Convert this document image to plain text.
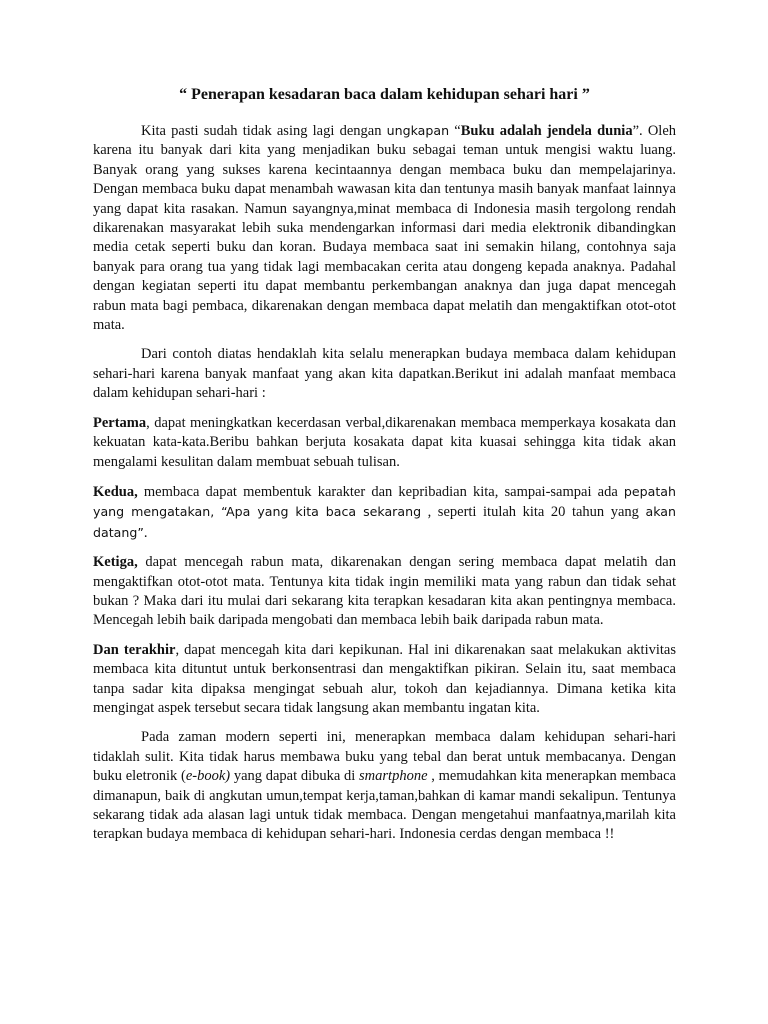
“ Penerapan kesadaran baca dalam kehidupan sehari hari ”

Kita pasti sudah tidak asing lagi dengan ungkapan “Buku adalah jendela dunia”. Oleh karena itu banyak dari kita yang menjadikan buku sebagai teman untuk mengisi waktu luang. Banyak orang yang sukses karena kecintaannya dengan membaca buku dan mempelajarinya. Dengan membaca buku dapat menambah wawasan kita dan tentunya masih banyak manfaat lainnya yang dapat kita rasakan. Namun sayangnya,minat membaca di Indonesia masih tergolong rendah dikarenakan masyarakat lebih suka mendengarkan informasi dari media elektronik dibandingkan media cetak seperti buku dan koran. Budaya membaca saat ini semakin hilang, contohnya saja banyak para orang tua yang tidak lagi membacakan cerita atau dongeng kepada anaknya. Padahal dengan kegiatan seperti itu dapat membantu perkembangan anaknya dan juga dapat mencegah rabun mata bagi pembaca, dikarenakan dengan membaca dapat melatih dan mengaktifkan otot-otot mata.

Dari contoh diatas hendaklah kita selalu menerapkan budaya membaca dalam kehidupan sehari-hari karena banyak manfaat yang akan kita dapatkan.Berikut ini adalah manfaat membaca dalam kehidupan sehari-hari :

Pertama, dapat meningkatkan kecerdasan verbal,dikarenakan membaca memperkaya kosakata dan kekuatan kata-kata.Beribu bahkan berjuta kosakata dapat kita kuasai sehingga kita tidak akan mengalami kesulitan dalam membuat sebuah tulisan.

Kedua, membaca dapat membentuk karakter dan kepribadian kita, sampai-sampai ada pepatah yang mengatakan, “Apa yang kita baca sekarang , seperti itulah kita 20 tahun yang akan datang”.

Ketiga, dapat mencegah rabun mata, dikarenakan dengan sering membaca dapat melatih dan mengaktifkan otot-otot mata. Tentunya kita tidak ingin memiliki mata yang rabun dan tidak sehat bukan ? Maka dari itu mulai dari sekarang kita terapkan kesadaran kita akan pentingnya membaca. Mencegah lebih baik daripada mengobati dan membaca lebih baik daripada rabun mata.

Dan terakhir, dapat mencegah kita dari kepikunan. Hal ini dikarenakan saat melakukan aktivitas membaca kita dituntut untuk berkonsentrasi dan mengaktifkan pikiran. Selain itu, saat membaca tanpa sadar kita dipaksa mengingat sebuah alur, tokoh dan kejadiannya. Dimana ketika kita mengingat aspek tersebut secara tidak langsung akan membantu ingatan kita.

Pada zaman modern seperti ini, menerapkan membaca dalam kehidupan sehari-hari tidaklah sulit. Kita tidak harus membawa buku yang tebal dan berat untuk membacanya. Dengan buku eletronik (e-book) yang dapat dibuka di smartphone , memudahkan kita menerapkan membaca dimanapun, baik di angkutan umun,tempat kerja,taman,bahkan di kamar mandi sekalipun. Tentunya sekarang tidak ada alasan lagi untuk tidak membaca. Dengan mengetahui manfaatnya,marilah kita terapkan budaya membaca di kehidupan sehari-hari. Indonesia cerdas dengan membaca !!
